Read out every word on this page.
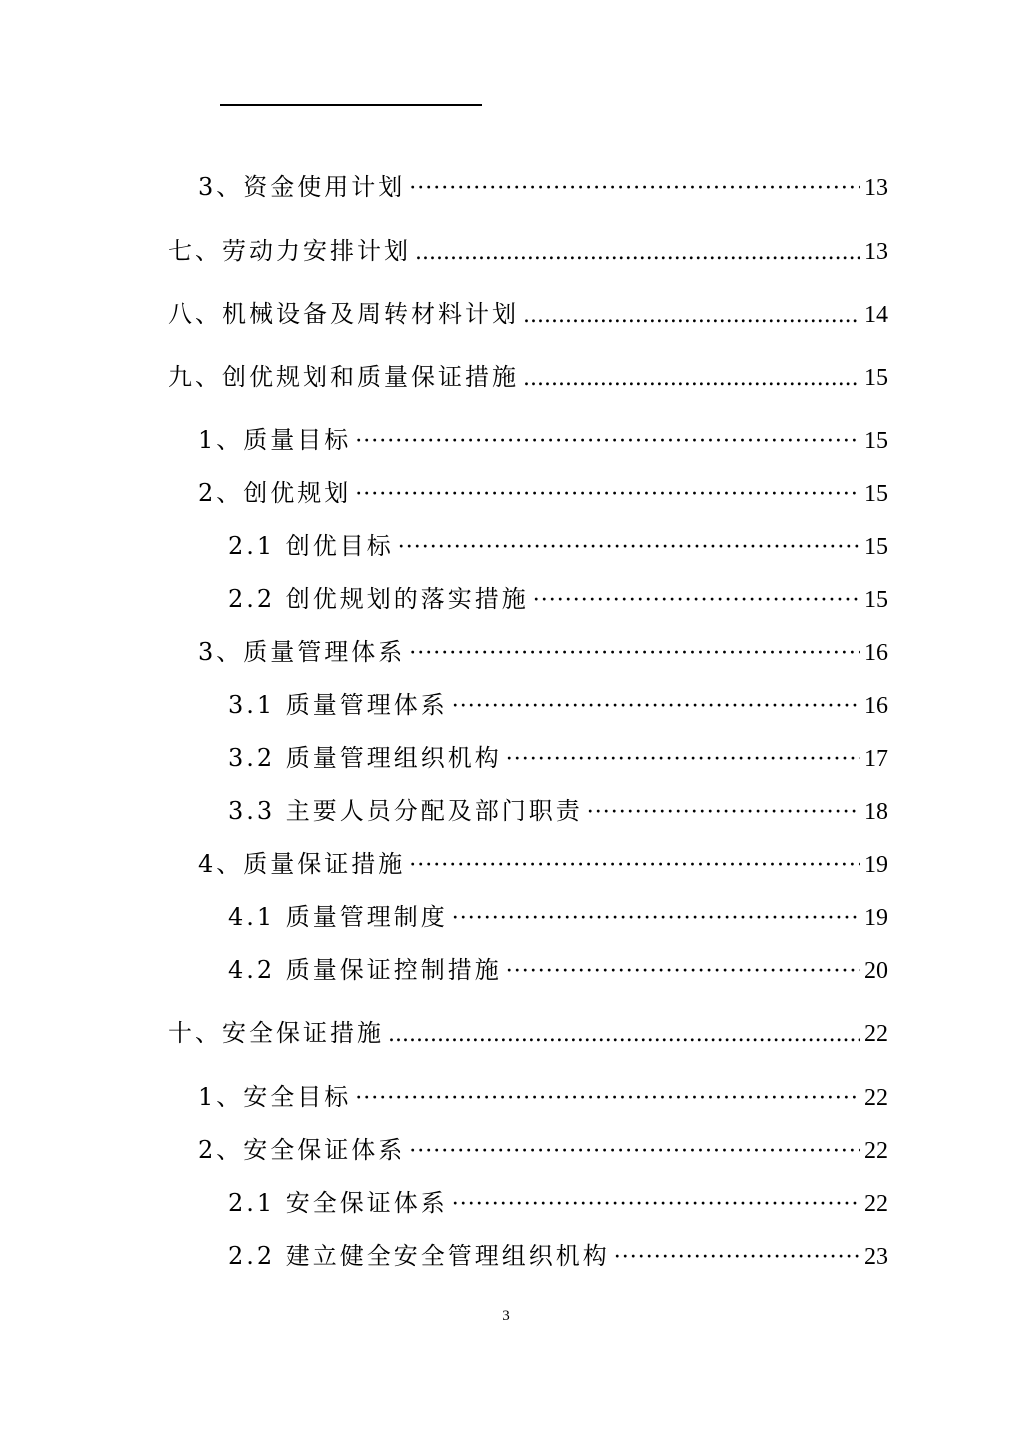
3、资金使用计划 ·····	13
七、劳动力安排计划 .....	13
八、机械设备及周转材料计划 .....	14
九、创优规划和质量保证措施 .....	15
1、质量目标 ·····	15
2、创优规划 ·····	15
2.1 创优目标 ·····	15
2.2 创优规划的落实措施 ·····	15
3、质量管理体系 ·····	16
3.1 质量管理体系 ·····	16
3.2 质量管理组织机构 ·····	17
3.3 主要人员分配及部门职责 ·····	18
4、质量保证措施 ·····	19
4.1 质量管理制度 ·····	19
4.2 质量保证控制措施 ·····	20
十、安全保证措施 .....	22
1、安全目标 ·····	22
2、安全保证体系 ·····	22
2.1 安全保证体系 ·····	22
2.2 建立健全安全管理组织机构 ·····	23
3
